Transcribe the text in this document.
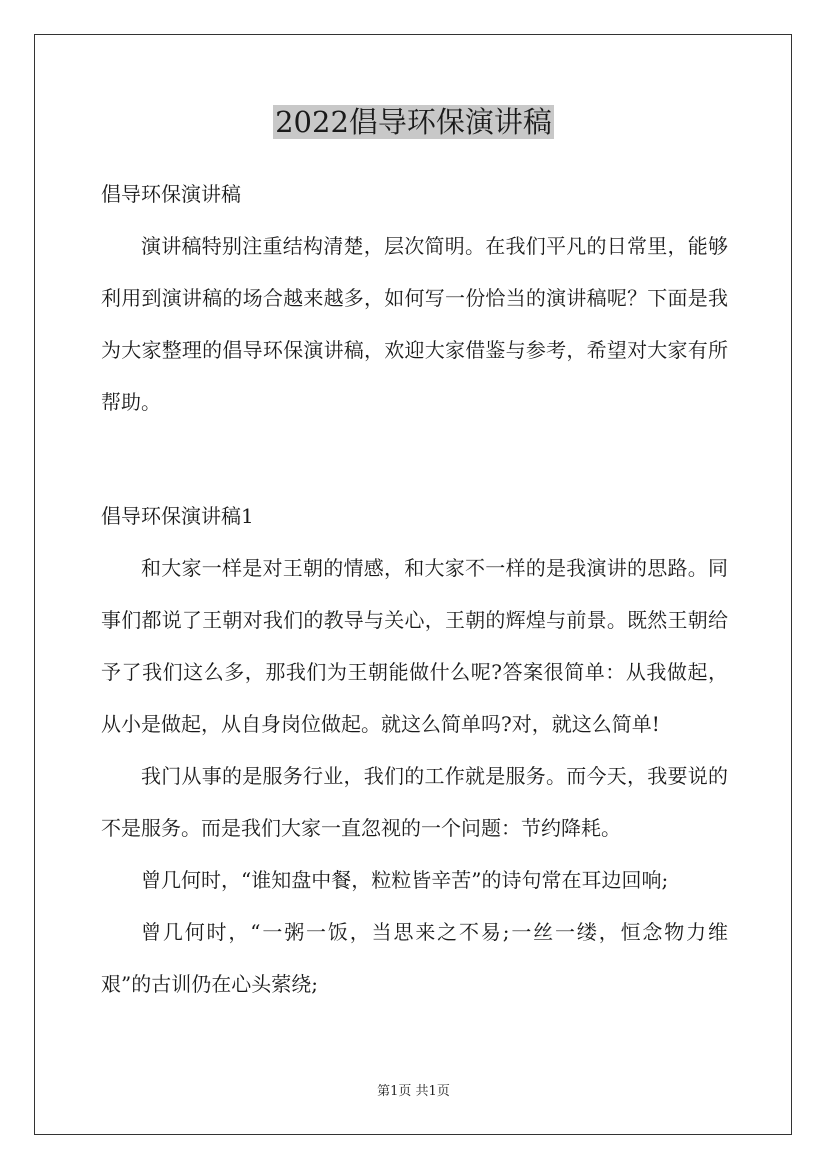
2022倡导环保演讲稿

倡导环保演讲稿

演讲稿特别注重结构清楚，层次简明。在我们平凡的日常里，能够利用到演讲稿的场合越来越多，如何写一份恰当的演讲稿呢？下面是我为大家整理的倡导环保演讲稿，欢迎大家借鉴与参考，希望对大家有所帮助。

倡导环保演讲稿1

和大家一样是对王朝的情感，和大家不一样的是我演讲的思路。同事们都说了王朝对我们的教导与关心，王朝的辉煌与前景。既然王朝给予了我们这么多，那我们为王朝能做什么呢?答案很简单：从我做起，从小是做起，从自身岗位做起。就这么简单吗?对，就这么简单!

我门从事的是服务行业，我们的工作就是服务。而今天，我要说的不是服务。而是我们大家一直忽视的一个问题：节约降耗。

曾几何时，“谁知盘中餐，粒粒皆辛苦”的诗句常在耳边回响;

曾几何时，“一粥一饭，当思来之不易;一丝一缕，恒念物力维艰”的古训仍在心头萦绕;

第1页 共1页
